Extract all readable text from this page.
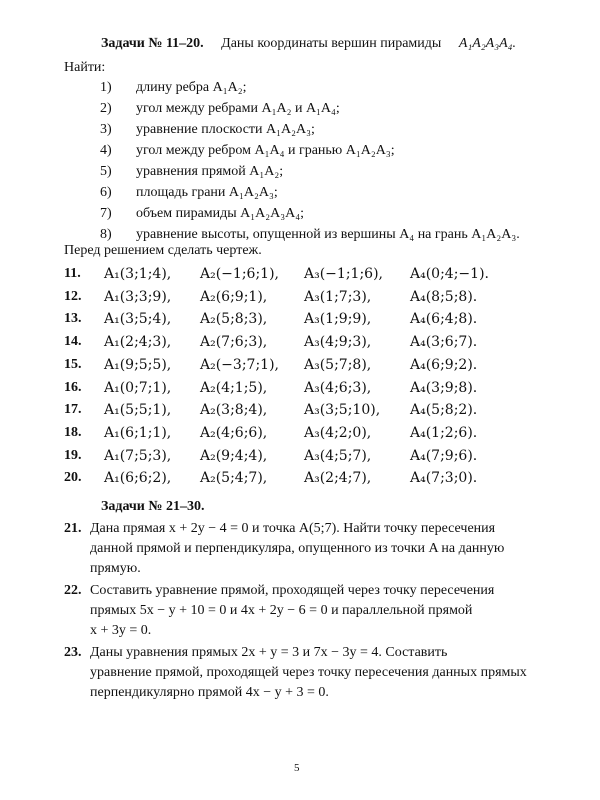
Задачи № 11–20. Даны координаты вершин пирамиды A₁A₂A₃A₄.
Найти:
1)	длину ребра A₁A₂;
2)	угол между ребрами A₁A₂ и A₁A₄;
3)	уравнение плоскости A₁A₂A₃;
4)	угол между ребром A₁A₄ и гранью A₁A₂A₃;
5)	уравнения прямой A₁A₂;
6)	площадь грани A₁A₂A₃;
7)	объем пирамиды A₁A₂A₃A₄;
8)	уравнение высоты, опущенной из вершины A₄ на грань A₁A₂A₃.
Перед решением сделать чертеж.
11. A₁(3;1;4), A₂(−1;6;1), A₃(−1;1;6), A₄(0;4;−1).
12. A₁(3;3;9), A₂(6;9;1),	A₃(1;7;3),	A₄(8;5;8).
13. A₁(3;5;4), A₂(5;8;3),	A₃(1;9;9),	A₄(6;4;8).
14. A₁(2;4;3), A₂(7;6;3),	A₃(4;9;3),	A₄(3;6;7).
15. A₁(9;5;5), A₂(−3;7;1), A₃(5;7;8),	A₄(6;9;2).
16. A₁(0;7;1), A₂(4;1;5),	A₃(4;6;3),	A₄(3;9;8).
17. A₁(5;5;1), A₂(3;8;4),	A₃(3;5;10), A₄(5;8;2).
18. A₁(6;1;1), A₂(4;6;6),	A₃(4;2;0),	A₄(1;2;6).
19. A₁(7;5;3), A₂(9;4;4),	A₃(4;5;7),	A₄(7;9;6).
20. A₁(6;6;2), A₂(5;4;7),	A₃(2;4;7),	A₄(7;3;0).
Задачи № 21–30.
21. Дана прямая x + 2y − 4 = 0 и точка A(5;7). Найти точку пересечения
данной прямой и перпендикуляра, опущенного из точки A на данную
прямую.
22. Составить уравнение прямой, проходящей через точку пересечения
прямых 5x − y + 10 = 0 и 4x + 2y − 6 = 0 и параллельной прямой
x + 3y = 0.
23. Даны уравнения прямых 2x + y = 3 и 7x − 3y = 4. Составить
уравнение прямой, проходящей через точку пересечения данных прямых
перпендикулярно прямой 4x − y + 3 = 0.
5
